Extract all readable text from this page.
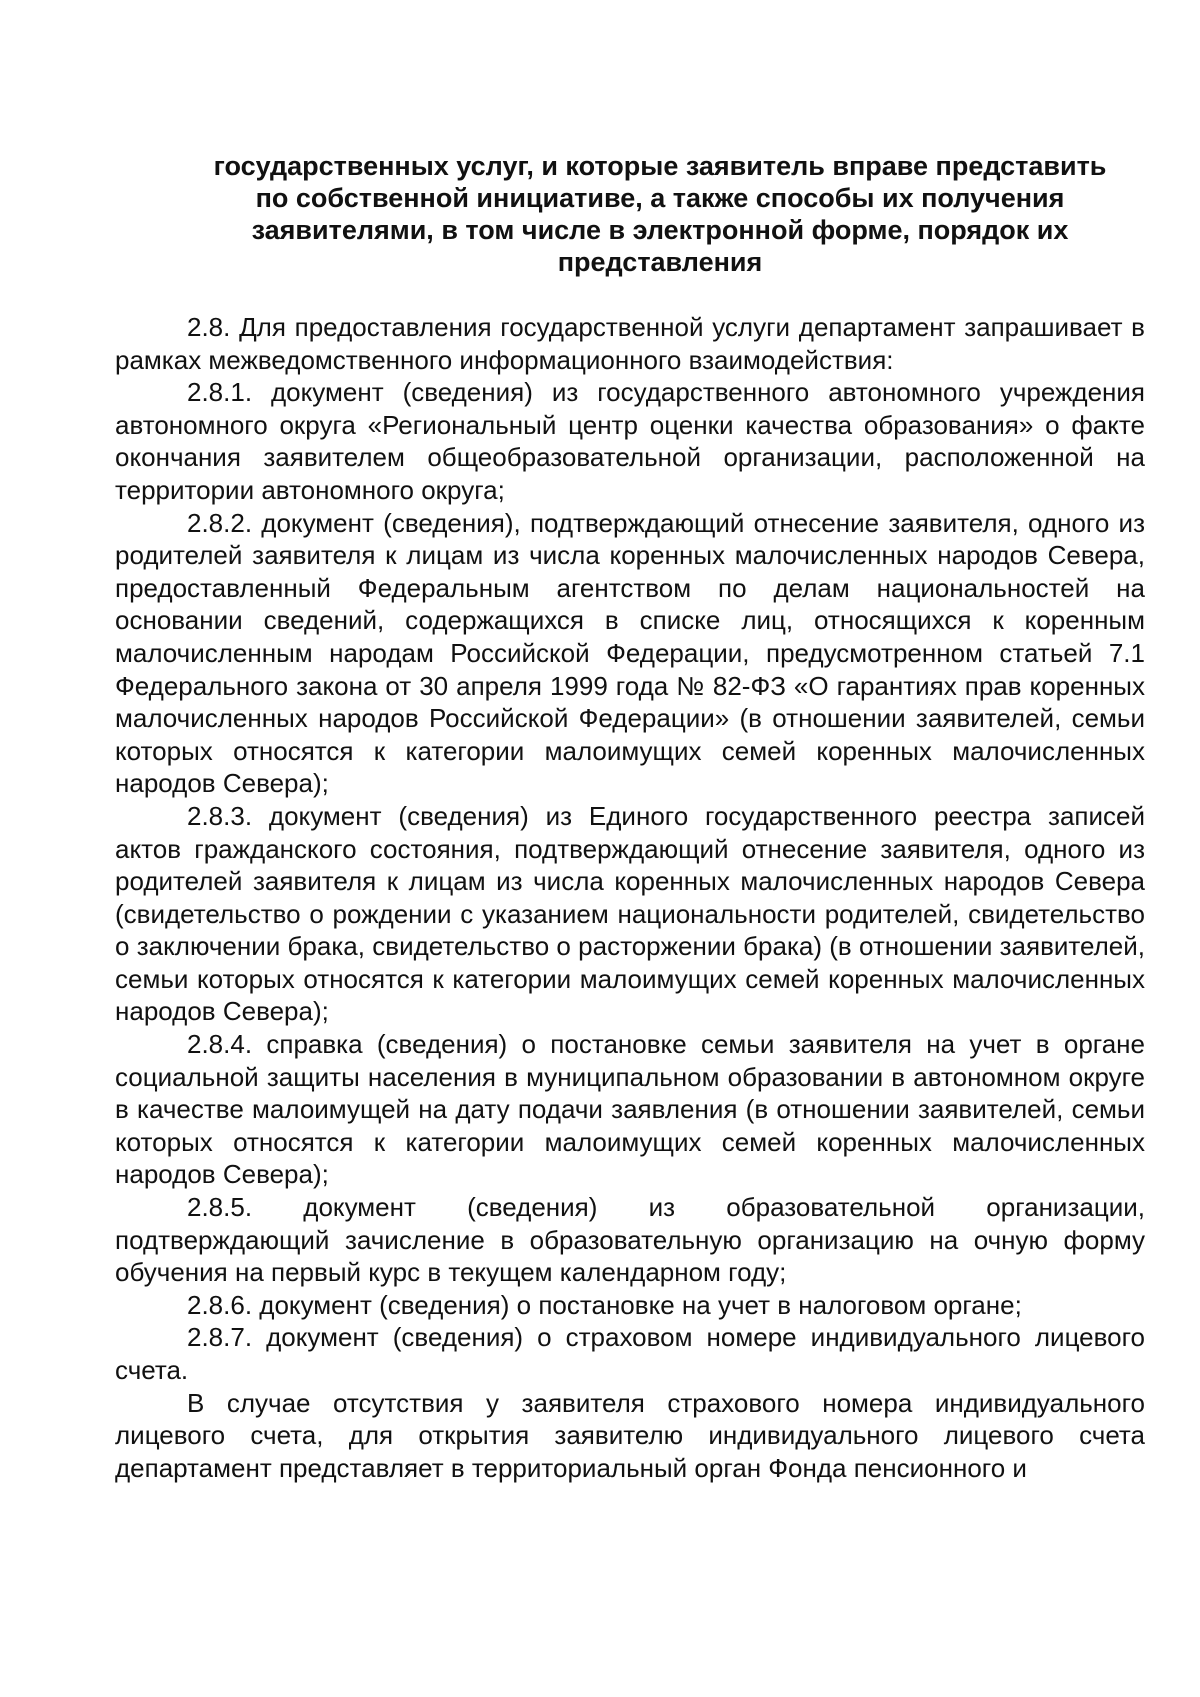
государственных услуг, и которые заявитель вправе представить
по собственной инициативе, а также способы их получения
заявителями, в том числе в электронной форме, порядок их
представления

2.8. Для предоставления государственной услуги департамент запрашивает в рамках межведомственного информационного взаимодействия:

2.8.1. документ (сведения) из государственного автономного учреждения автономного округа «Региональный центр оценки качества образования» о факте окончания заявителем общеобразовательной организации, расположенной на территории автономного округа;

2.8.2. документ (сведения), подтверждающий отнесение заявителя, одного из родителей заявителя к лицам из числа коренных малочисленных народов Севера, предоставленный Федеральным агентством по делам национальностей на основании сведений, содержащихся в списке лиц, относящихся к коренным малочисленным народам Российской Федерации, предусмотренном статьей 7.1 Федерального закона от 30 апреля 1999 года № 82-ФЗ «О гарантиях прав коренных малочисленных народов Российской Федерации» (в отношении заявителей, семьи которых относятся к категории малоимущих семей коренных малочисленных народов Севера);

2.8.3. документ (сведения) из Единого государственного реестра записей актов гражданского состояния, подтверждающий отнесение заявителя, одного из родителей заявителя к лицам из числа коренных малочисленных народов Севера (свидетельство о рождении с указанием национальности родителей, свидетельство о заключении брака, свидетельство о расторжении брака) (в отношении заявителей, семьи которых относятся к категории малоимущих семей коренных малочисленных народов Севера);

2.8.4. справка (сведения) о постановке семьи заявителя на учет в органе социальной защиты населения в муниципальном образовании в автономном округе в качестве малоимущей на дату подачи заявления (в отношении заявителей, семьи которых относятся к категории малоимущих семей коренных малочисленных народов Севера);

2.8.5. документ (сведения) из образовательной организации, подтверждающий зачисление в образовательную организацию на очную форму обучения на первый курс в текущем календарном году;

2.8.6. документ (сведения) о постановке на учет в налоговом органе;

2.8.7. документ (сведения) о страховом номере индивидуального лицевого счета.

В случае отсутствия у заявителя страхового номера индивидуального лицевого счета, для открытия заявителю индивидуального лицевого счета департамент представляет в территориальный орган Фонда пенсионного и
